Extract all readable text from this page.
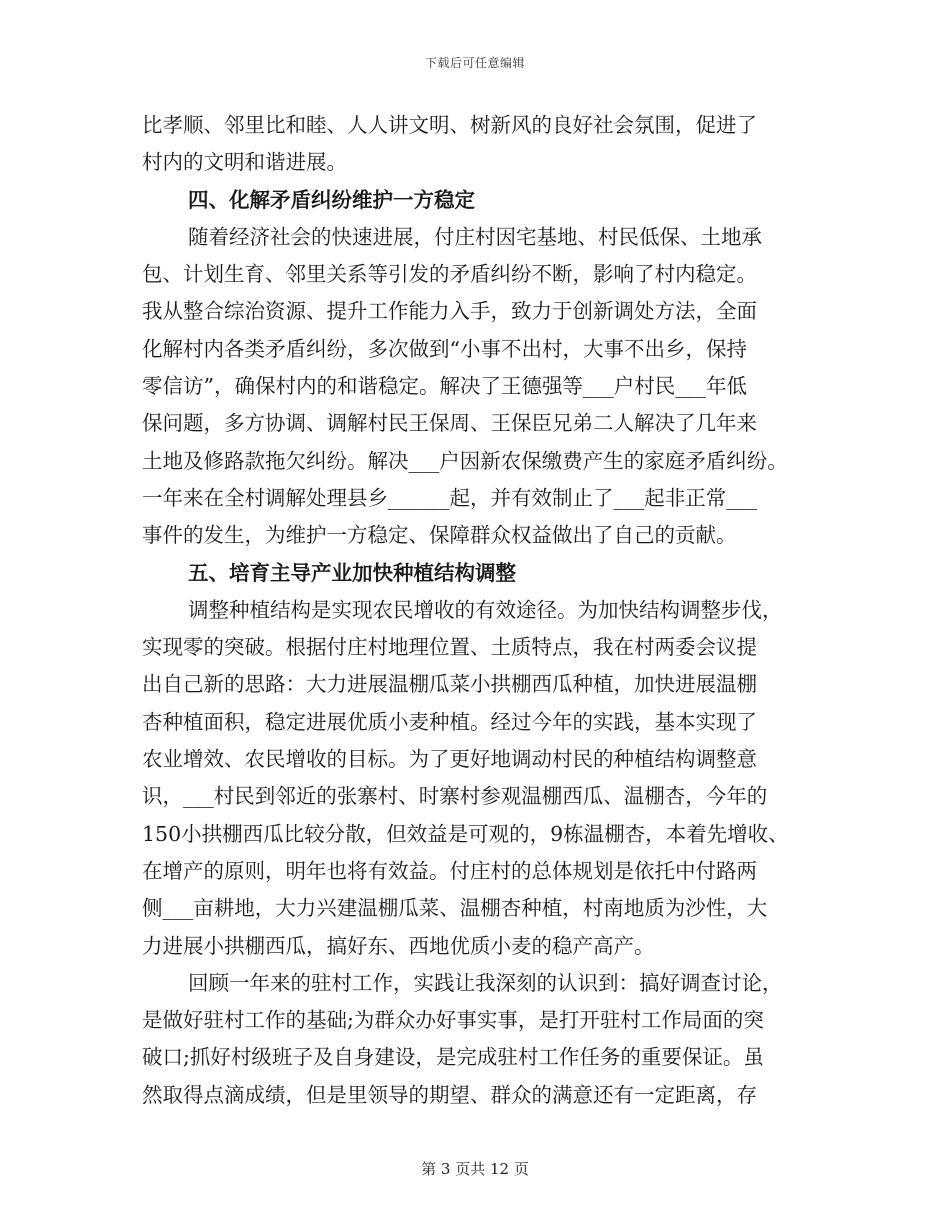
下载后可任意编辑
比孝顺、邻里比和睦、人人讲文明、树新风的良好社会氛围，促进了
村内的文明和谐进展。
四、化解矛盾纠纷维护一方稳定
随着经济社会的快速进展，付庄村因宅基地、村民低保、土地承
包、计划生育、邻里关系等引发的矛盾纠纷不断，影响了村内稳定。
我从整合综治资源、提升工作能力入手，致力于创新调处方法，全面
化解村内各类矛盾纠纷，多次做到“小事不出村，大事不出乡，保持
零信访”，确保村内的和谐稳定。解决了王德强等___户村民___年低
保问题，多方协调、调解村民王保周、王保臣兄弟二人解决了几年来
土地及修路款拖欠纠纷。解决___户因新农保缴费产生的家庭矛盾纠纷。
一年来在全村调解处理县乡______起，并有效制止了___起非正常___
事件的发生，为维护一方稳定、保障群众权益做出了自己的贡献。
五、培育主导产业加快种植结构调整
调整种植结构是实现农民增收的有效途径。为加快结构调整步伐，
实现零的突破。根据付庄村地理位置、土质特点，我在村两委会议提
出自己新的思路：大力进展温棚瓜菜小拱棚西瓜种植，加快进展温棚
杏种植面积，稳定进展优质小麦种植。经过今年的实践，基本实现了
农业增效、农民增收的目标。为了更好地调动村民的种植结构调整意
识，___村民到邻近的张寨村、时寨村参观温棚西瓜、温棚杏，今年的
150小拱棚西瓜比较分散，但效益是可观的，9栋温棚杏，本着先增收、
在增产的原则，明年也将有效益。付庄村的总体规划是依托中付路两
侧___亩耕地，大力兴建温棚瓜菜、温棚杏种植，村南地质为沙性，大
力进展小拱棚西瓜，搞好东、西地优质小麦的稳产高产。
回顾一年来的驻村工作，实践让我深刻的认识到：搞好调查讨论，
是做好驻村工作的基础;为群众办好事实事，是打开驻村工作局面的突
破口;抓好村级班子及自身建设，是完成驻村工作任务的重要保证。虽
然取得点滴成绩，但是里领导的期望、群众的满意还有一定距离，存
第 3 页共 12 页
